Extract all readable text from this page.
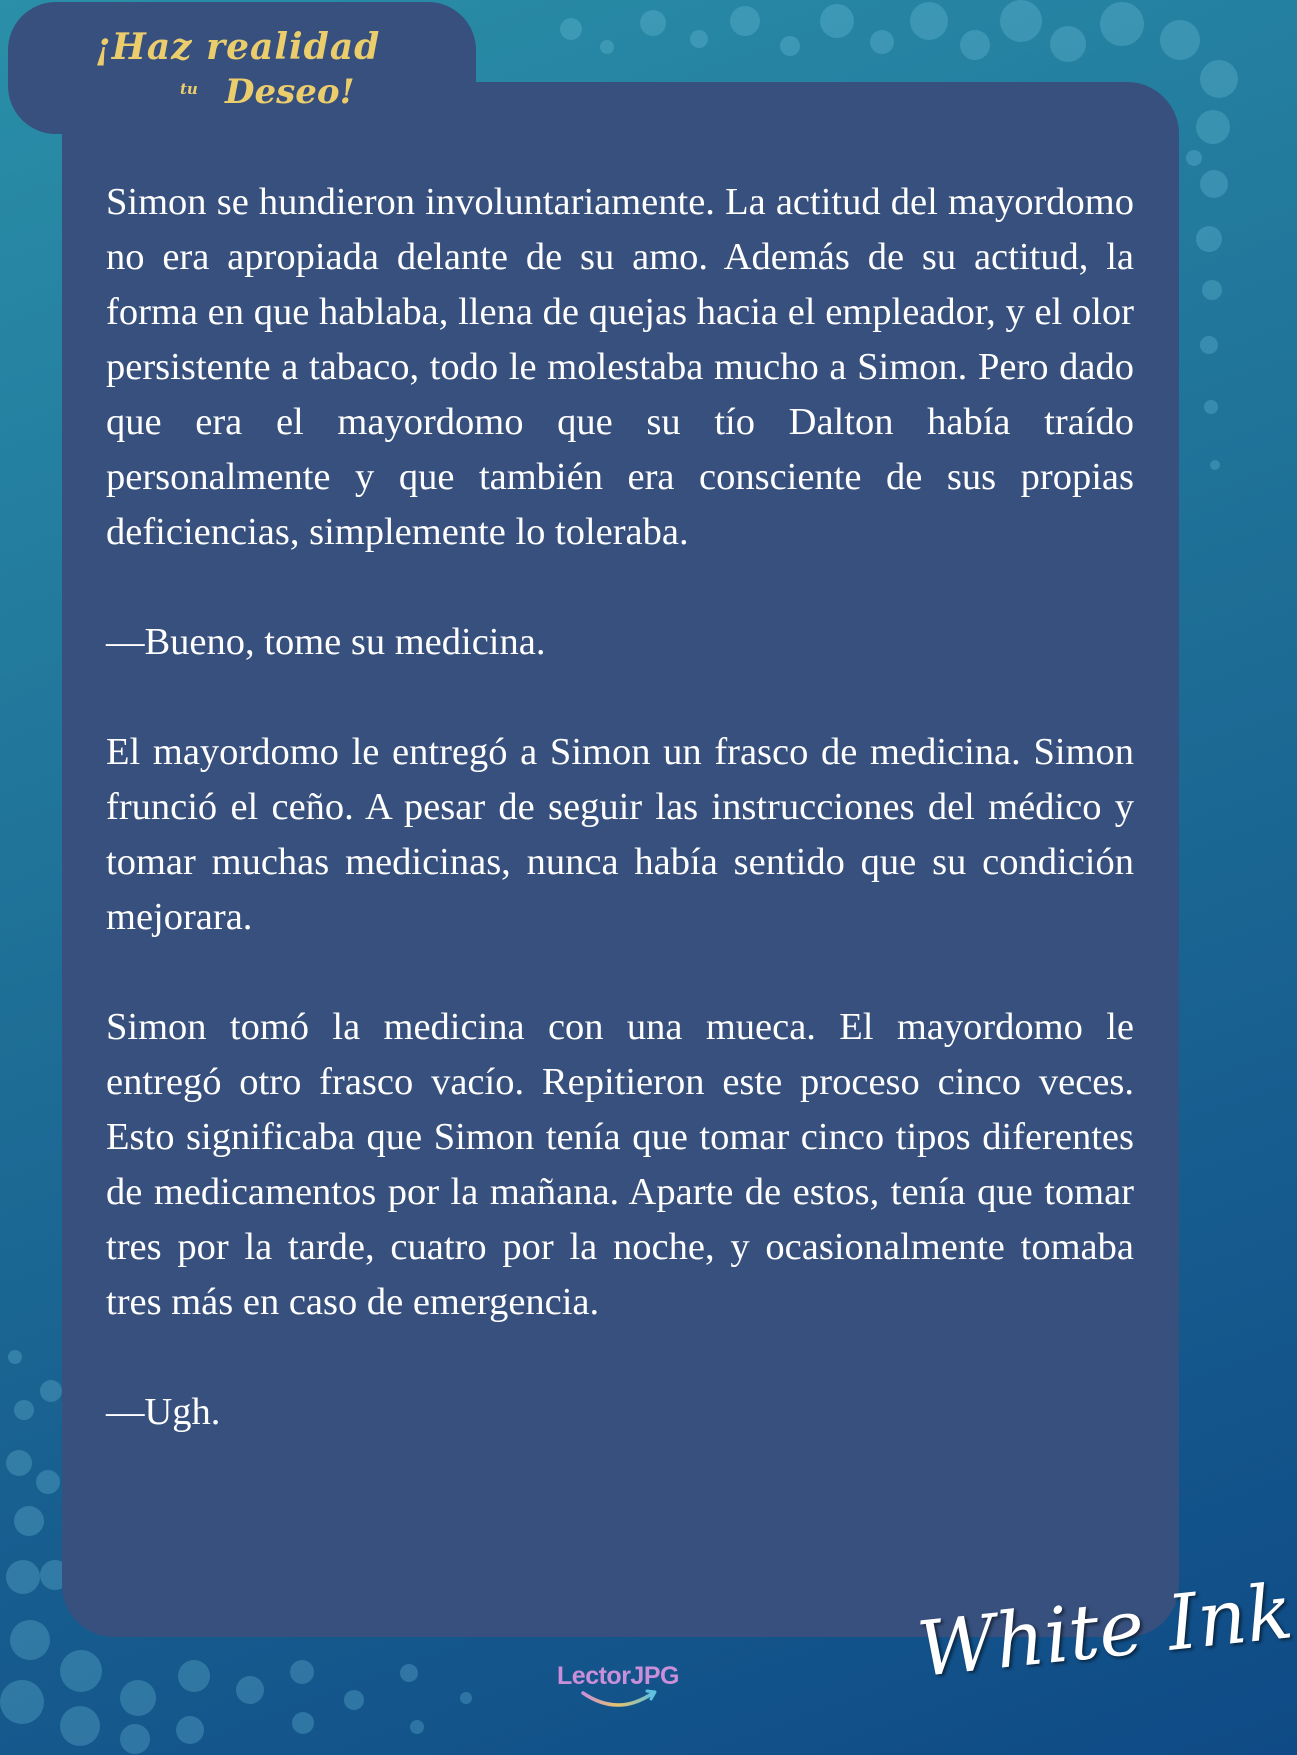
¡Haz realidad
tu Deseo!

Simon se hundieron involuntariamente. La actitud del mayordomo no era apropiada delante de su amo. Además de su actitud, la forma en que hablaba, llena de quejas hacia el empleador, y el olor persistente a tabaco, todo le molestaba mucho a Simon. Pero dado que era el mayordomo que su tío Dalton había traído personalmente y que también era consciente de sus propias deficiencias, simplemente lo toleraba.

—Bueno, tome su medicina.

El mayordomo le entregó a Simon un frasco de medicina. Simon frunció el ceño. A pesar de seguir las instrucciones del médico y tomar muchas medicinas, nunca había sentido que su condición mejorara.

Simon tomó la medicina con una mueca. El mayordomo le entregó otro frasco vacío. Repitieron este proceso cinco veces. Esto significaba que Simon tenía que tomar cinco tipos diferentes de medicamentos por la mañana. Aparte de estos, tenía que tomar tres por la tarde, cuatro por la noche, y ocasionalmente tomaba tres más en caso de emergencia.

—Ugh.

LectorJPG	White Ink
